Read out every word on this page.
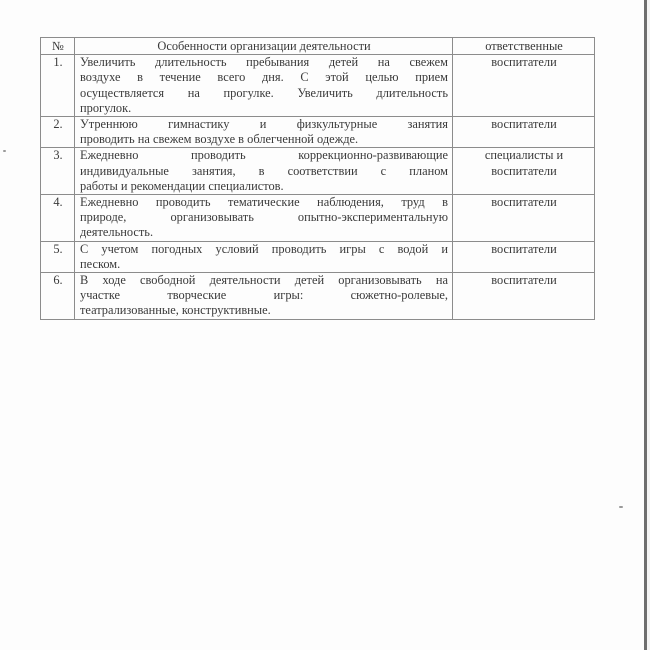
№	Особенности организации деятельности	ответственные
1.	Увеличить длительность пребывания детей на свежем
воздухе в течение всего дня. С этой целью прием
осуществляется на прогулке. Увеличить длительность
прогулок.	воспитатели
2.	Утреннюю гимнастику и физкультурные занятия
проводить на свежем воздухе в облегченной одежде.	воспитатели
3.	Ежедневно проводить коррекционно-развивающие
индивидуальные занятия, в соответствии с планом
работы и рекомендации специалистов.	специалисты и
воспитатели

4.	Ежедневно проводить тематические наблюдения, труд в
природе, организовывать опытно-экспериментальную
деятельность.	воспитатели
5.	С учетом погодных условий проводить игры с водой и
песком.	воспитатели
6.	В ходе свободной деятельности детей организовывать на
участке творческие игры: сюжетно-ролевые,
театрализованные, конструктивные.	воспитатели
